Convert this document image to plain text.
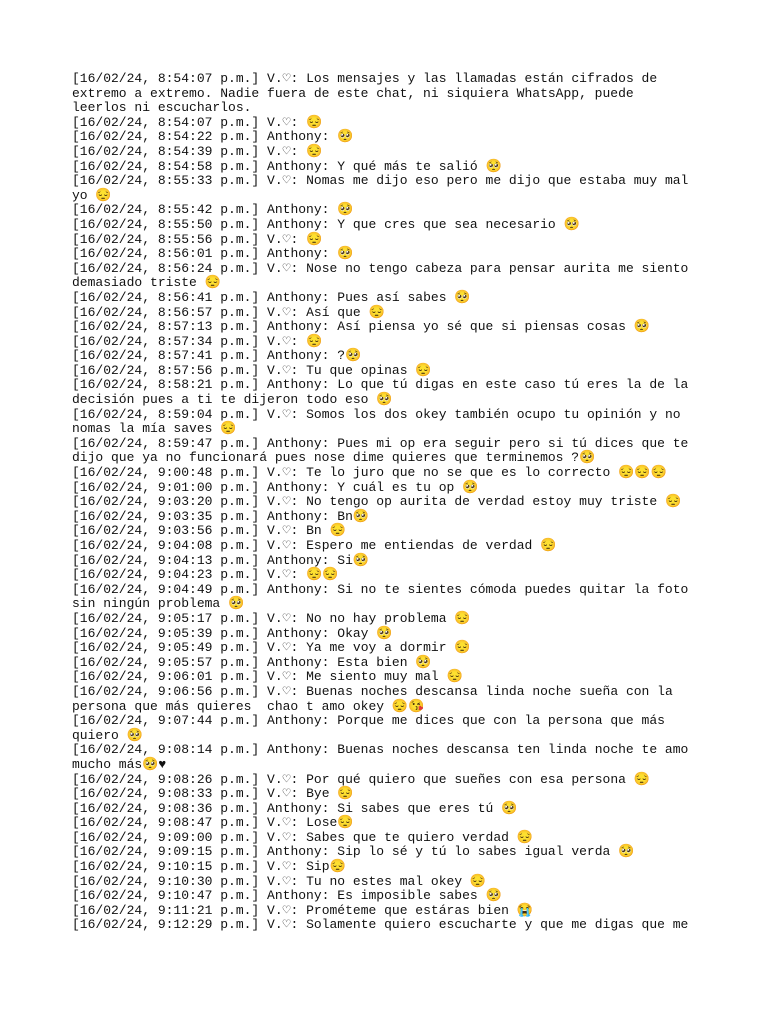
[16/02/24, 8:54:07 p.m.] V.♡: Los mensajes y las llamadas están cifrados de extremo a extremo. Nadie fuera de este chat, ni siquiera WhatsApp, puede leerlos ni escucharlos.
[16/02/24, 8:54:07 p.m.] V.♡: 😔
[16/02/24, 8:54:22 p.m.] Anthony: 🥺
[16/02/24, 8:54:39 p.m.] V.♡: 😔
[16/02/24, 8:54:58 p.m.] Anthony: Y qué más te salió 🥺
[16/02/24, 8:55:33 p.m.] V.♡: Nomas me dijo eso pero me dijo que estaba muy mal yo 😔
[16/02/24, 8:55:42 p.m.] Anthony: 🥺
[16/02/24, 8:55:50 p.m.] Anthony: Y que cres que sea necesario 🥺
[16/02/24, 8:55:56 p.m.] V.♡: 😔
[16/02/24, 8:56:01 p.m.] Anthony: 🥺
[16/02/24, 8:56:24 p.m.] V.♡: Nose no tengo cabeza para pensar aurita me siento demasiado triste 😔
[16/02/24, 8:56:41 p.m.] Anthony: Pues así sabes 🥺
[16/02/24, 8:56:57 p.m.] V.♡: Así que 😔
[16/02/24, 8:57:13 p.m.] Anthony: Así piensa yo sé que si piensas cosas 🥺
[16/02/24, 8:57:34 p.m.] V.♡: 😔
[16/02/24, 8:57:41 p.m.] Anthony: ?🥺
[16/02/24, 8:57:56 p.m.] V.♡: Tu que opinas 😔
[16/02/24, 8:58:21 p.m.] Anthony: Lo que tú digas en este caso tú eres la de la decisión pues a ti te dijeron todo eso 🥺
[16/02/24, 8:59:04 p.m.] V.♡: Somos los dos okey también ocupo tu opinión y no nomas la mía saves 😔
[16/02/24, 8:59:47 p.m.] Anthony: Pues mi op era seguir pero si tú dices que te dijo que ya no funcionará pues nose dime quieres que terminemos ?🥺
[16/02/24, 9:00:48 p.m.] V.♡: Te lo juro que no se que es lo correcto 😔😔😔
[16/02/24, 9:01:00 p.m.] Anthony: Y cuál es tu op 🥺
[16/02/24, 9:03:20 p.m.] V.♡: No tengo op aurita de verdad estoy muy triste 😔
[16/02/24, 9:03:35 p.m.] Anthony: Bn🥺
[16/02/24, 9:03:56 p.m.] V.♡: Bn 😔
[16/02/24, 9:04:08 p.m.] V.♡: Espero me entiendas de verdad 😔
[16/02/24, 9:04:13 p.m.] Anthony: Si🥺
[16/02/24, 9:04:23 p.m.] V.♡: 😔😔
[16/02/24, 9:04:49 p.m.] Anthony: Si no te sientes cómoda puedes quitar la foto sin ningún problema 🥺
[16/02/24, 9:05:17 p.m.] V.♡: No no hay problema 😔
[16/02/24, 9:05:39 p.m.] Anthony: Okay 🥺
[16/02/24, 9:05:49 p.m.] V.♡: Ya me voy a dormir 😔
[16/02/24, 9:05:57 p.m.] Anthony: Esta bien 🥺
[16/02/24, 9:06:01 p.m.] V.♡: Me siento muy mal 😔
[16/02/24, 9:06:56 p.m.] V.♡: Buenas noches descansa linda noche sueña con la persona que más quieres  chao t amo okey 😔😘
[16/02/24, 9:07:44 p.m.] Anthony: Porque me dices que con la persona que más quiero 🥺
[16/02/24, 9:08:14 p.m.] Anthony: Buenas noches descansa ten linda noche te amo mucho más🥺♥
[16/02/24, 9:08:26 p.m.] V.♡: Por qué quiero que sueñes con esa persona 😔
[16/02/24, 9:08:33 p.m.] V.♡: Bye 😔
[16/02/24, 9:08:36 p.m.] Anthony: Si sabes que eres tú 🥺
[16/02/24, 9:08:47 p.m.] V.♡: Lose😔
[16/02/24, 9:09:00 p.m.] V.♡: Sabes que te quiero verdad 😔
[16/02/24, 9:09:15 p.m.] Anthony: Sip lo sé y tú lo sabes igual verda 🥺
[16/02/24, 9:10:15 p.m.] V.♡: Sip😔
[16/02/24, 9:10:30 p.m.] V.♡: Tu no estes mal okey 😔
[16/02/24, 9:10:47 p.m.] Anthony: Es imposible sabes 🥺
[16/02/24, 9:11:21 p.m.] V.♡: Prométeme que estáras bien 😭
[16/02/24, 9:12:29 p.m.] V.♡: Solamente quiero escucharte y que me digas que me
